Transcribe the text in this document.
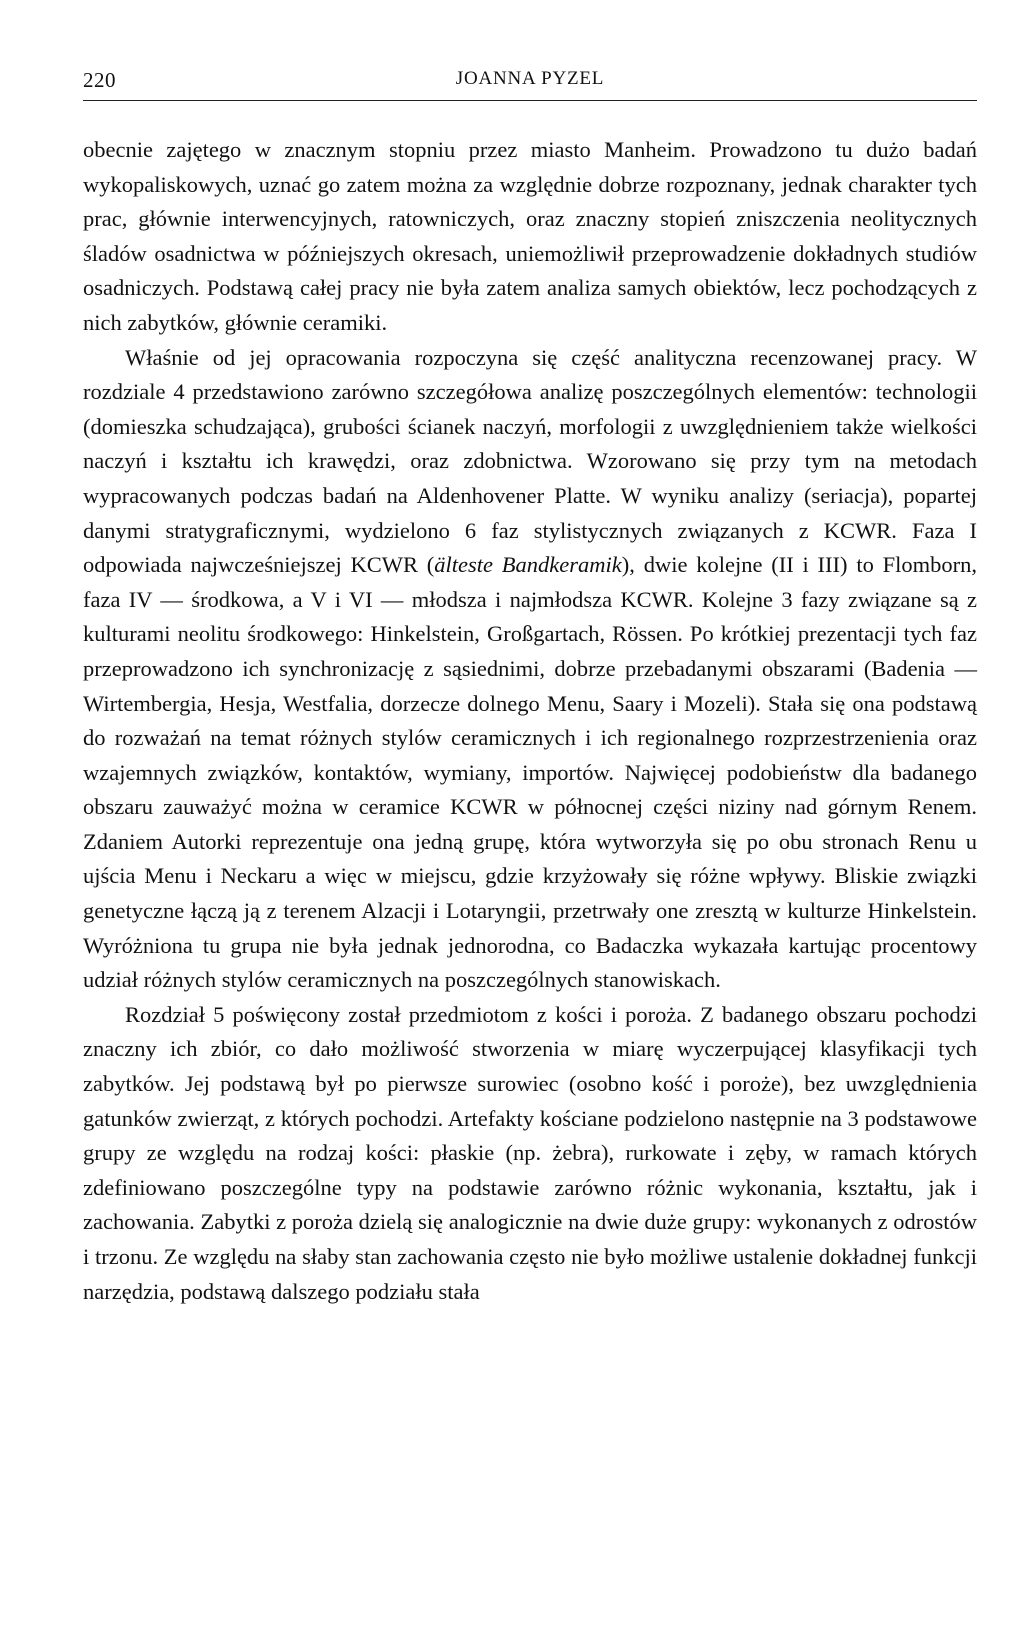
220	JOANNA PYZEL

obecnie zajętego w znacznym stopniu przez miasto Manheim. Prowadzono tu dużo badań wykopaliskowych, uznać go zatem można za względnie dobrze rozpoznany, jednak charakter tych prac, głównie interwencyjnych, ratowniczych, oraz znaczny stopień zniszczenia neolitycznych śladów osadnictwa w późniejszych okresach, uniemożliwił przeprowadzenie dokładnych studiów osadniczych. Podstawą całej pracy nie była zatem analiza samych obiektów, lecz pochodzących z nich zabytków, głównie ceramiki.

Właśnie od jej opracowania rozpoczyna się część analityczna recenzowanej pracy. W rozdziale 4 przedstawiono zarówno szczegółowa analizę poszczególnych elementów: technologii (domieszka schudzająca), grubości ścianek naczyń, morfologii z uwzględnieniem także wielkości naczyń i kształtu ich krawędzi, oraz zdobnictwa. Wzorowano się przy tym na metodach wypracowanych podczas badań na Aldenhovener Platte. W wyniku analizy (seriacja), popartej danymi stratygraficznymi, wydzielono 6 faz stylistycznych związanych z KCWR. Faza I odpowiada najwcześniejszej KCWR (älteste Bandkeramik), dwie kolejne (II i III) to Flomborn, faza IV — środkowa, a V i VI — młodsza i najmłodsza KCWR. Kolejne 3 fazy związane są z kulturami neolitu środkowego: Hinkelstein, Großgartach, Rössen. Po krótkiej prezentacji tych faz przeprowadzono ich synchronizację z sąsiednimi, dobrze przebadanymi obszarami (Badenia — Wirtembergia, Hesja, Westfalia, dorzecze dolnego Menu, Saary i Mozeli). Stała się ona podstawą do rozważań na temat różnych stylów ceramicznych i ich regionalnego rozprzestrzenienia oraz wzajemnych związków, kontaktów, wymiany, importów. Najwięcej podobieństw dla badanego obszaru zauważyć można w ceramice KCWR w północnej części niziny nad górnym Renem. Zdaniem Autorki reprezentuje ona jedną grupę, która wytworzyła się po obu stronach Renu u ujścia Menu i Neckaru a więc w miejscu, gdzie krzyżowały się różne wpływy. Bliskie związki genetyczne łączą ją z terenem Alzacji i Lotaryngii, przetrwały one zresztą w kulturze Hinkelstein. Wyróżniona tu grupa nie była jednak jednorodna, co Badaczka wykazała kartując procentowy udział różnych stylów ceramicznych na poszczególnych stanowiskach.

Rozdział 5 poświęcony został przedmiotom z kości i poroża. Z badanego obszaru pochodzi znaczny ich zbiór, co dało możliwość stworzenia w miarę wyczerpującej klasyfikacji tych zabytków. Jej podstawą był po pierwsze surowiec (osobno kość i poroże), bez uwzględnienia gatunków zwierząt, z których pochodzi. Artefakty kościane podzielono następnie na 3 podstawowe grupy ze względu na rodzaj kości: płaskie (np. żebra), rurkowate i zęby, w ramach których zdefiniowano poszczególne typy na podstawie zarówno różnic wykonania, kształtu, jak i zachowania. Zabytki z poroża dzielą się analogicznie na dwie duże grupy: wykonanych z odrostów i trzonu. Ze względu na słaby stan zachowania często nie było możliwe ustalenie dokładnej funkcji narzędzia, podstawą dalszego podziału stała
